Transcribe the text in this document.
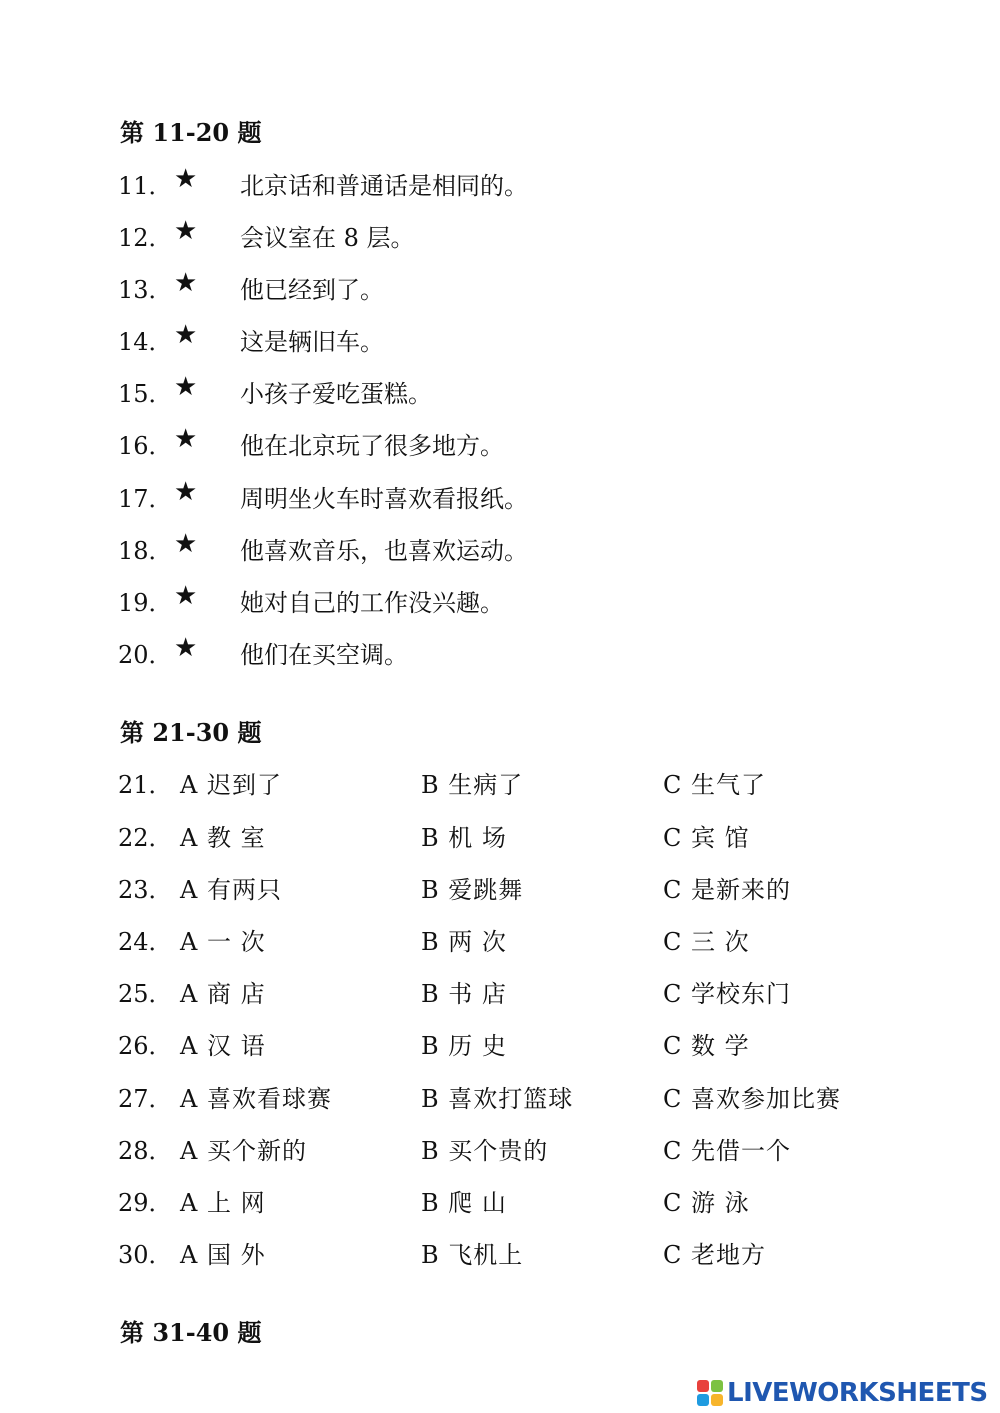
第 11-20 题
11． ★ 北京话和普通话是相同的。
12． ★ 会议室在 8 层。
13． ★ 他已经到了。
14． ★ 这是辆旧车。
15． ★ 小孩子爱吃蛋糕。
16． ★ 他在北京玩了很多地方。
17． ★ 周明坐火车时喜欢看报纸。
18． ★ 他喜欢音乐，也喜欢运动。
19． ★ 她对自己的工作没兴趣。
20． ★ 他们在买空调。
第 21-30 题
21． A 迟到了	B 生病了	C 生气了
22． A 教 室	B 机 场	C 宾 馆
23． A 有两只	B 爱跳舞	C 是新来的
24． A 一 次	B 两 次	C 三 次
25． A 商 店	B 书 店	C 学校东门
26． A 汉 语	B 历 史	C 数 学
27． A 喜欢看球赛	B 喜欢打篮球	C 喜欢参加比赛
28． A 买个新的	B 买个贵的	C 先借一个
29． A 上 网	B 爬 山	C 游 泳
30． A 国 外	B 飞机上	C 老地方
第 31-40 题
LIVEWORKSHEETS
